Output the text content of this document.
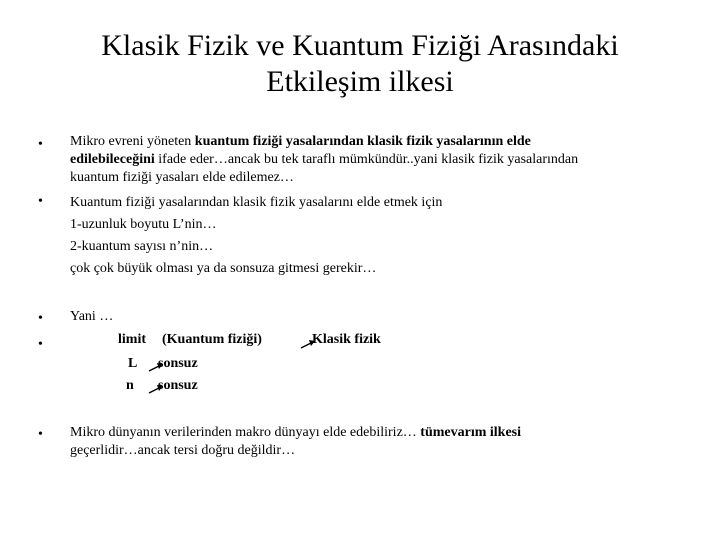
Klasik Fizik ve Kuantum Fiziği Arasındaki
Etkileşim ilkesi
•
•
•
•
•
Mikro evreni yöneten kuantum fiziği yasalarından klasik fizik yasalarının elde
edilebileceğini ifade eder…ancak bu tek taraflı mümkündür..yani klasik fizik yasalarından
kuantum fiziği yasaları elde edilemez…
Kuantum fiziği yasalarından klasik fizik yasalarını elde etmek için
1-uzunluk boyutu L’nin…
2-kuantum sayısı n’nin…
çok çok büyük olması ya da sonsuza gitmesi gerekir…
Yani …
limit (Kuantum fiziği)	Klasik fizik
L sonsuz
n sonsuz
Mikro dünyanın verilerinden makro dünyayı elde edebiliriz… tümevarım ilkesi
geçerlidir…ancak tersi doğru değildir…
